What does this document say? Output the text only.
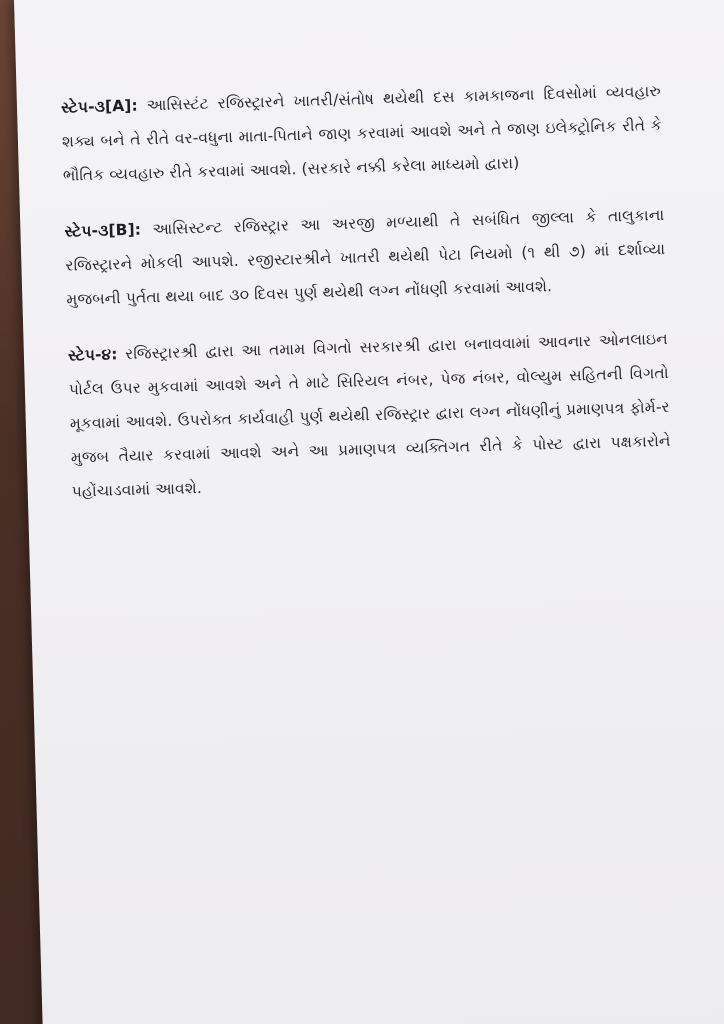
સ્ટેપ-૩[A]: આસિસ્ટંટ રજિસ્ટ્રારને ખાતરી/સંતોષ થયેથી દસ કામકાજના દિવસોમાં વ્યવહારુ શક્ય બને તે રીતે વર-વધુના માતા-પિતાને જાણ કરવામાં આવશે અને તે જાણ ઇલેક્ટ્રોનિક રીતે કે ભૌતિક વ્યવહારુ રીતે કરવામાં આવશે. (સરકારે નક્કી કરેલા માધ્યમો દ્વારા)

સ્ટેપ-૩[B]: આસિસ્ટન્ટ રજિસ્ટ્રાર આ અરજી મળ્યાથી તે સબંધિત જીલ્લા કે તાલુકાના રજિસ્ટ્રારને મોકલી આપશે. રજીસ્ટારશ્રીને ખાતરી થયેથી પેટા નિયમો (૧ થી ૭) માં દર્શાવ્યા મુજબની પુર્તતા થયા બાદ ૩૦ દિવસ પુર્ણ થયેથી લગ્ન નોંધણી કરવામાં આવશે.

સ્ટેપ-૪: રજિસ્ટ્રારશ્રી દ્વારા આ તમામ વિગતો સરકારશ્રી દ્વારા બનાવવામાં આવનાર ઓનલાઇન પોર્ટલ ઉપર મુકવામાં આવશે અને તે માટે સિરિયલ નંબર, પેજ નંબર, વોલ્યુમ સહિતની વિગતો મૂકવામાં આવશે. ઉપરોક્ત કાર્યવાહી પુર્ણ થયેથી રજિસ્ટ્રાર દ્વારા લગ્ન નોંધણીનું પ્રમાણપત્ર ફોર્મ-ર મુજબ તૈયાર કરવામાં આવશે અને આ પ્રમાણપત્ર વ્યક્તિગત રીતે કે પોસ્ટ દ્વારા પક્ષકારોને પહોંચાડવામાં આવશે.
